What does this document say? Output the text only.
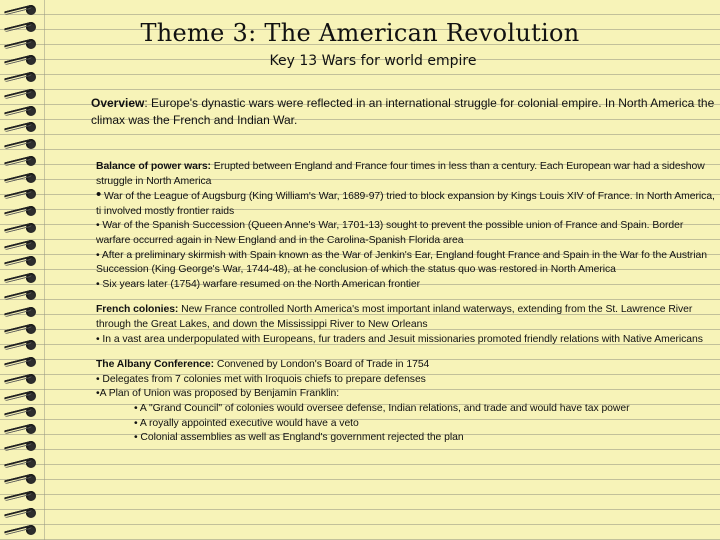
Theme 3: The American Revolution
Key 13 Wars for world empire
Overview: Europe's dynastic wars were reflected in an international struggle for colonial empire. In North America the climax was the French and Indian War.

Balance of power wars: Erupted between England and France four times in less than a century. Each European war had a sideshow struggle in North America

• War of the League of Augsburg (King William's War, 1689-97) tried to block expansion by Kings Louis XIV of France. In North America, ti involved mostly frontier raids

• War of the Spanish Succession (Queen Anne's War, 1701-13) sought to prevent the possible union of France and Spain. Border warfare occurred again in New England and in the Carolina-Spanish Florida area

• After a preliminary skirmish with Spain known as the War of Jenkin's Ear, England fought France and Spain in the War fo the Austrian Succession (King George's War, 1744-48), at he conclusion of which the status quo was restored in North America

• Six years later (1754) warfare resumed on the North American frontier

French colonies: New France controlled North America's most important inland waterways, extending from the St. Lawrence River through the Great Lakes, and down the Mississippi River to New Orleans

• In a vast area underpopulated with Europeans, fur traders and Jesuit missionaries promoted friendly relations with Native Americans

The Albany Conference: Convened by London's Board of Trade in 1754

• Delegates from 7 colonies met with Iroquois chiefs to prepare defenses

•A Plan of Union was proposed by Benjamin Franklin:

• A "Grand Council" of colonies would oversee defense, Indian relations, and trade and would have tax power

• A royally appointed executive would have a veto

• Colonial assemblies as well as England's government rejected the plan
